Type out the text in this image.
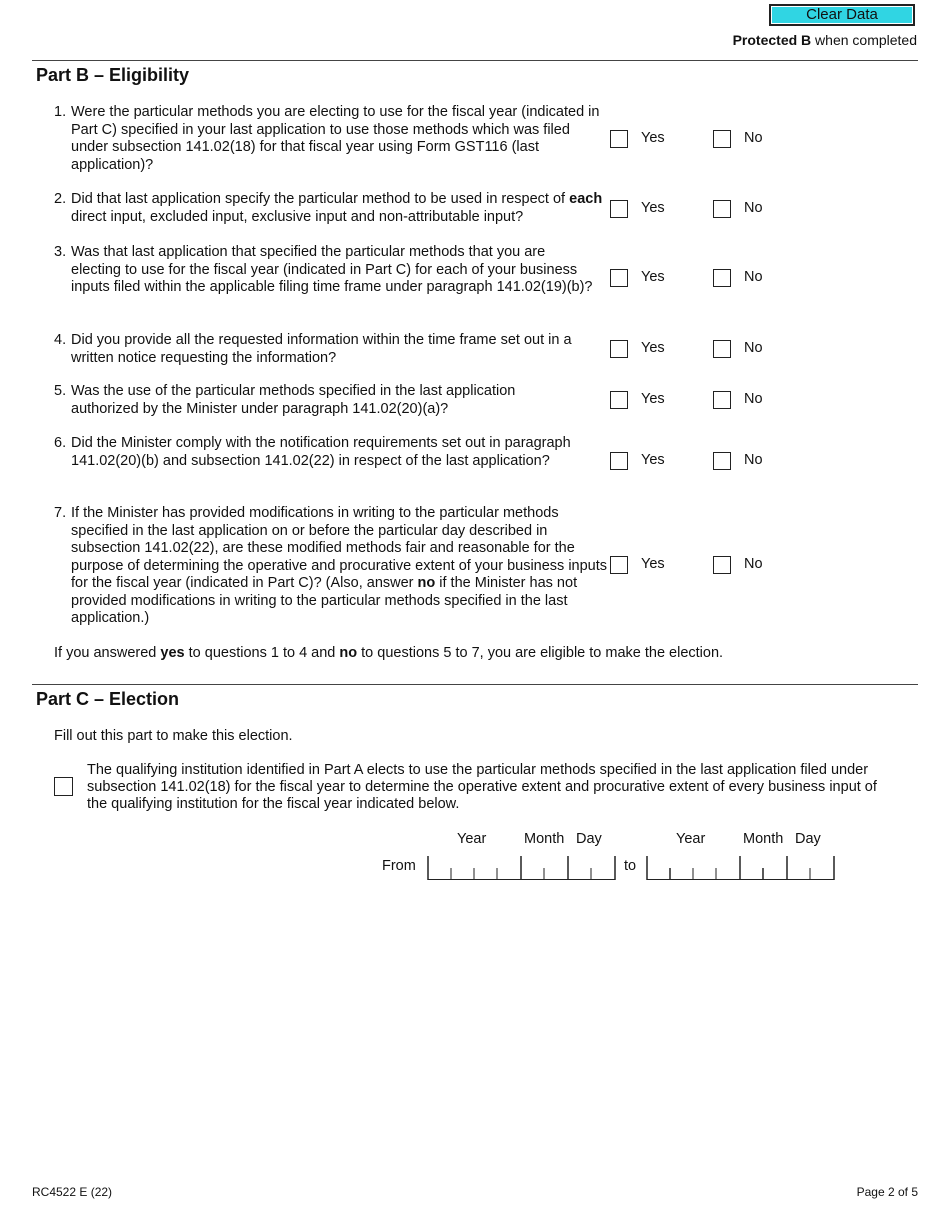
Clear Data
Protected B when completed
Part B – Eligibility
1. Were the particular methods you are electing to use for the fiscal year (indicated in Part C) specified in your last application to use those methods which was filed under subsection 141.02(18) for that fiscal year using Form GST116 (last application)?
Yes	No
2. Did that last application specify the particular method to be used in respect of each direct input, excluded input, exclusive input and non-attributable input?
Yes	No
3. Was that last application that specified the particular methods that you are electing to use for the fiscal year (indicated in Part C) for each of your business inputs filed within the applicable filing time frame under paragraph 141.02(19)(b)?
Yes	No
4. Did you provide all the requested information within the time frame set out in a written notice requesting the information?
Yes	No
5. Was the use of the particular methods specified in the last application authorized by the Minister under paragraph 141.02(20)(a)?
Yes	No
6. Did the Minister comply with the notification requirements set out in paragraph 141.02(20)(b) and subsection 141.02(22) in respect of the last application?	Yes	No
7. If the Minister has provided modifications in writing to the particular methods specified in the last application on or before the particular day described in subsection 141.02(22), are these modified methods fair and reasonable for the purpose of determining the operative and procurative extent of your business inputs for the fiscal year (indicated in Part C)? (Also, answer no if the Minister has not provided modifications in writing to the particular methods specified in the last application.)
Yes	No
If you answered yes to questions 1 to 4 and no to questions 5 to 7, you are eligible to make the election.
Part C – Election
Fill out this part to make this election.
The qualifying institution identified in Part A elects to use the particular methods specified in the last application filed under subsection 141.02(18) for the fiscal year to determine the operative extent and procurative extent of every business input of the qualifying institution for the fiscal year indicated below.
Year	Month Day	Year	Month Day
From	to
RC4522 E (22)	Page 2 of 5
